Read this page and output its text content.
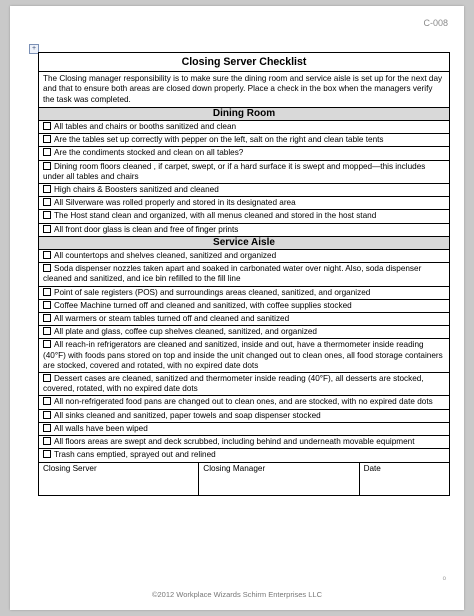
C-008
+
Closing Server Checklist
The Closing manager responsibility is to make sure the dining room and service aisle is set up for the next day and that to ensure both areas are closed down properly. Place a check in the box when the managers verify the task was completed.
Dining Room
All tables and chairs or booths sanitized and clean
Are the tables set up correctly with pepper on the left, salt on the right and clean table tents
Are the condiments stocked and clean on all tables?
Dining room floors cleaned , if carpet, swept, or if a hard surface it is swept and mopped—this includes under all tables and chairs
High chairs & Boosters sanitized and cleaned
All Silverware was rolled properly and stored in its designated area
The Host stand clean and organized, with all menus cleaned and stored in the host stand
All front door glass is clean and free of finger prints
Service Aisle
All countertops and shelves cleaned, sanitized and organized
Soda dispenser nozzles taken apart and soaked in carbonated water over night. Also, soda dispenser cleaned and sanitized, and ice bin refilled to the fill line
Point of sale registers (POS) and surroundings areas cleaned, sanitized, and organized
Coffee Machine turned off and cleaned and sanitized, with coffee supplies stocked
All warmers or steam tables turned off and cleaned and sanitized
All plate and glass, coffee cup shelves cleaned, sanitized, and organized
All reach-in refrigerators are cleaned and sanitized, inside and out, have a thermometer inside reading (40°F) with foods pans stored on top and inside the unit changed out to clean ones, all food storage containers are stocked, covered and rotated, with no expired date dots
Dessert cases are cleaned, sanitized and thermometer inside reading (40°F), all desserts are stocked, covered, rotated, with no expired date dots
All non-refrigerated food pans are changed out to clean ones, and are stocked, with no expired date dots
All sinks cleaned and sanitized, paper towels and soap dispenser stocked
All walls have been wiped
All floors areas are swept and deck scrubbed, including behind and underneath movable equipment
Trash cans emptied, sprayed out and relined
Closing Server	Closing Manager	Date
o
©2012 Workplace Wizards Schirm Enterprises LLC
